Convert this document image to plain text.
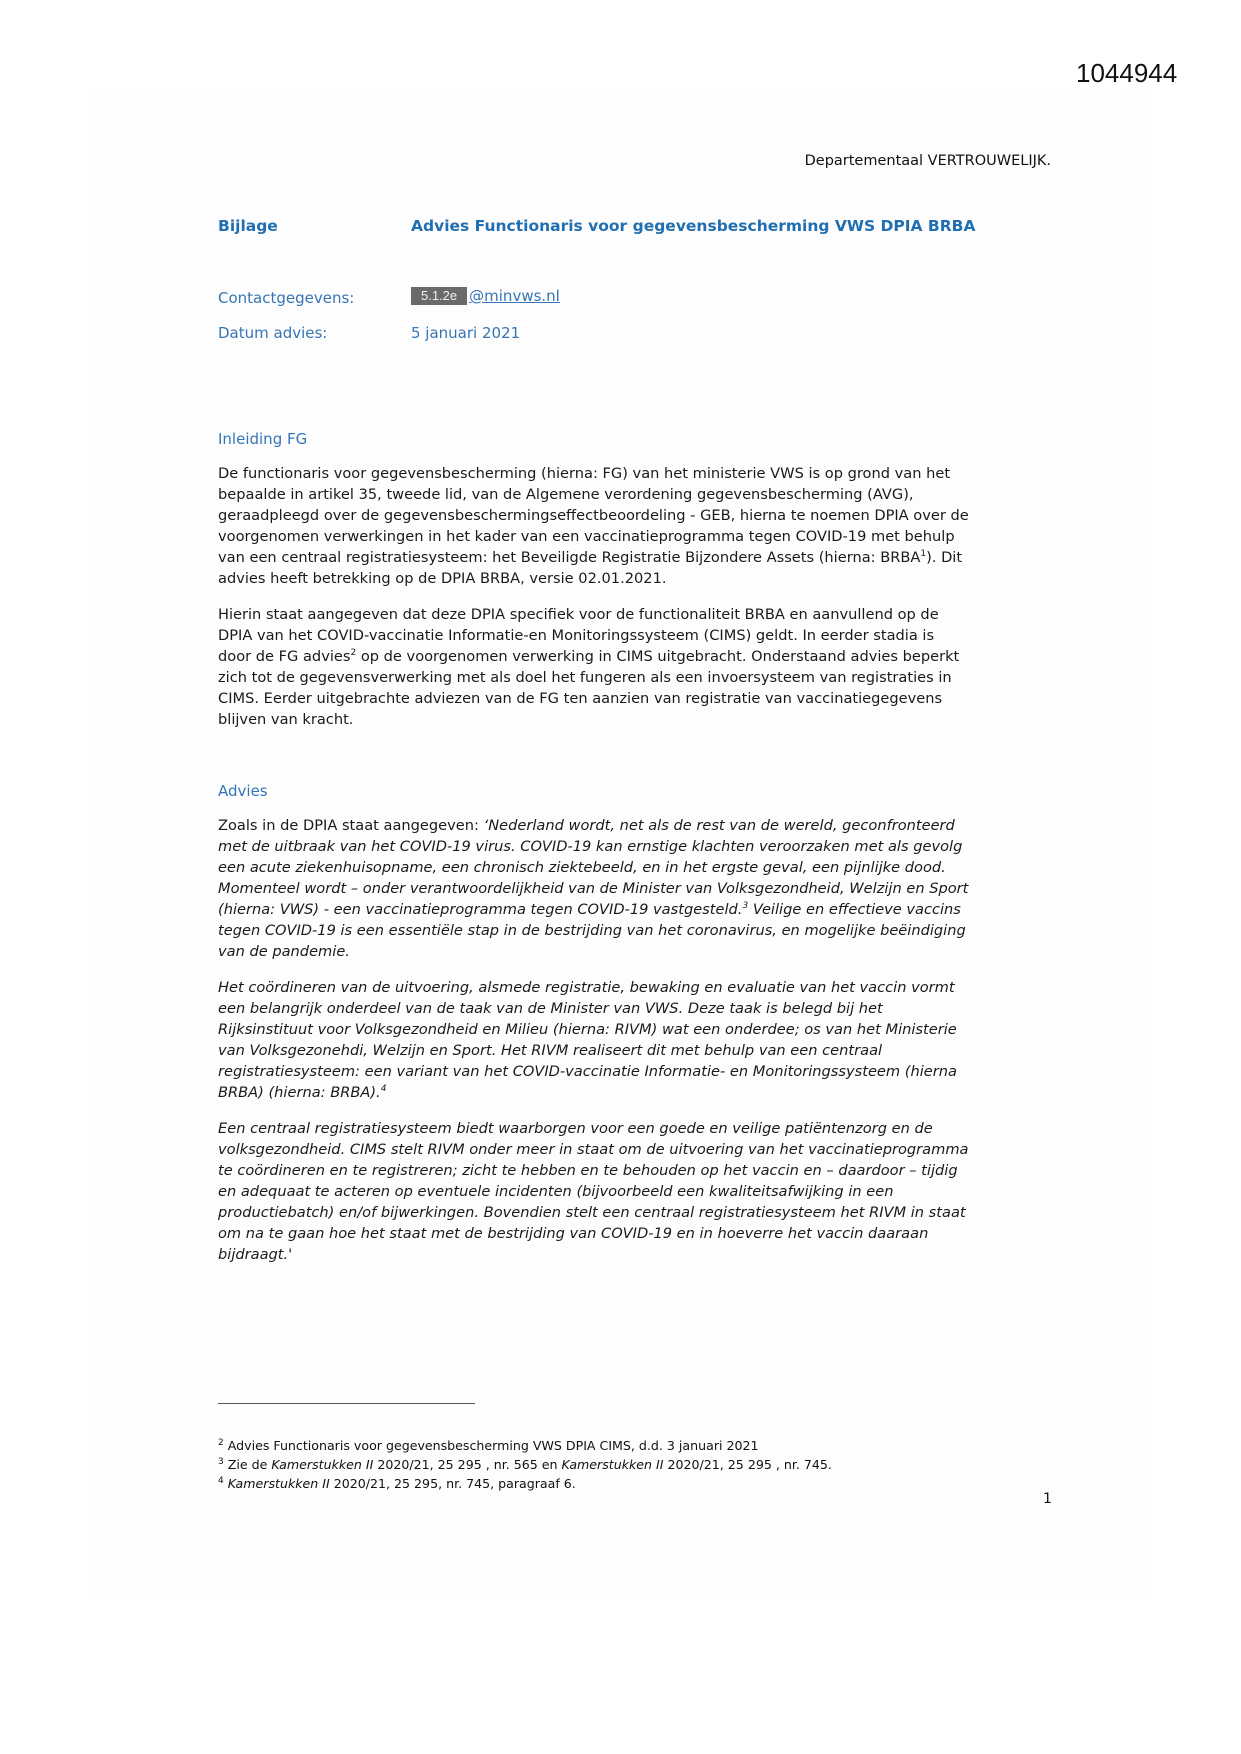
1044944
Departementaal VERTROUWELIJK.
Bijlage	Advies Functionaris voor gegevensbescherming VWS DPIA BRBA
Contactgegevens:	5.1.2e @minvws.nl
Datum advies:	5 januari 2021
Inleiding FG
De functionaris voor gegevensbescherming (hierna: FG) van het ministerie VWS is op grond van het
bepaalde in artikel 35, tweede lid, van de Algemene verordening gegevensbescherming (AVG),
geraadpleegd over de gegevensbeschermingseffectbeoordeling - GEB, hierna te noemen DPIA over de
voorgenomen verwerkingen in het kader van een vaccinatieprogramma tegen COVID-19 met behulp
van een centraal registratiesysteem: het Beveiligde Registratie Bijzondere Assets (hierna: BRBA$^1$). Dit
advies heeft betrekking op de DPIA BRBA, versie 02.01.2021.
Hierin staat aangegeven dat deze DPIA specifiek voor de functionaliteit BRBA en aanvullend op de
DPIA van het COVID-vaccinatie Informatie-en Monitoringssysteem (CIMS) geldt. In eerder stadia is
door de FG advies$^2$ op de voorgenomen verwerking in CIMS uitgebracht. Onderstaand advies beperkt
zich tot de gegevensverwerking met als doel het fungeren als een invoersysteem van registraties in
CIMS. Eerder uitgebrachte adviezen van de FG ten aanzien van registratie van vaccinatiegegevens
blijven van kracht.
Advies
Zoals in de DPIA staat aangegeven: ‘Nederland wordt, net als de rest van de wereld, geconfronteerd
met de uitbraak van het COVID-19 virus. COVID-19 kan ernstige klachten veroorzaken met als gevolg
een acute ziekenhuisopname, een chronisch ziektebeeld, en in het ergste geval, een pijnlijke dood.
Momenteel wordt – onder verantwoordelijkheid van de Minister van Volksgezondheid, Welzijn en Sport
(hierna: VWS) - een vaccinatieprogramma tegen COVID-19 vastgesteld.$^3$ Veilige en effectieve vaccins
tegen COVID-19 is een essentiële stap in de bestrijding van het coronavirus, en mogelijke beëindiging
van de pandemie.
Het coördineren van de uitvoering, alsmede registratie, bewaking en evaluatie van het vaccin vormt
een belangrijk onderdeel van de taak van de Minister van VWS. Deze taak is belegd bij het
Rijksinstituut voor Volksgezondheid en Milieu (hierna: RIVM) wat een onderdee; os van het Ministerie
van Volksgezonehdi, Welzijn en Sport. Het RIVM realiseert dit met behulp van een centraal
registratiesysteem: een variant van het COVID-vaccinatie Informatie- en Monitoringssysteem (hierna
BRBA) (hierna: BRBA).$^4$
Een centraal registratiesysteem biedt waarborgen voor een goede en veilige patiëntenzorg en de
volksgezondheid. CIMS stelt RIVM onder meer in staat om de uitvoering van het vaccinatieprogramma
te coördineren en te registreren; zicht te hebben en te behouden op het vaccin en – daardoor – tijdig
en adequaat te acteren op eventuele incidenten (bijvoorbeeld een kwaliteitsafwijking in een
productiebatch) en/of bijwerkingen. Bovendien stelt een centraal registratiesysteem het RIVM in staat
om na te gaan hoe het staat met de bestrijding van COVID-19 en in hoeverre het vaccin daaraan
bijdraagt.'
$^2$ Advies Functionaris voor gegevensbescherming VWS DPIA CIMS, d.d. 3 januari 2021
$^3$ Zie de Kamerstukken II 2020/21, 25 295 , nr. 565 en Kamerstukken II 2020/21, 25 295 , nr. 745.
$^4$ Kamerstukken II 2020/21, 25 295, nr. 745, paragraaf 6.
1
